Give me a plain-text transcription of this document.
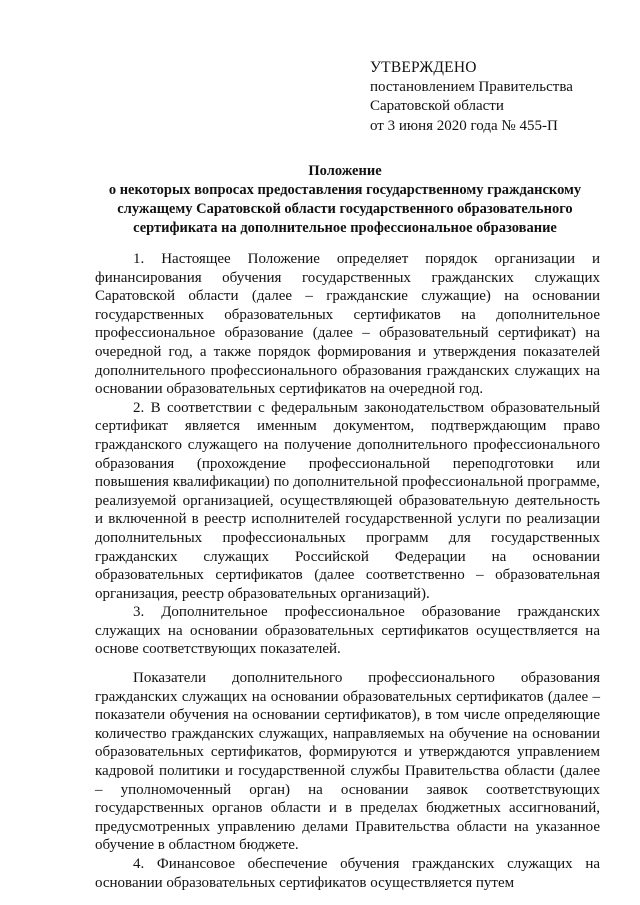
УТВЕРЖДЕНО
постановлением Правительства
Саратовской области
от 3 июня 2020 года № 455-П
Положение
о некоторых вопросах предоставления государственному гражданскому
служащему Саратовской области государственного образовательного
сертификата на дополнительное профессиональное образование

1. Настоящее Положение определяет порядок организации и финансирования обучения государственных гражданских служащих Саратовской области (далее – гражданские служащие) на основании государственных образовательных сертификатов на дополнительное профессиональное образование (далее – образовательный сертификат) на очередной год, а также порядок формирования и утверждения показателей дополнительного профессионального образования гражданских служащих на основании образовательных сертификатов на очередной год.

2. В соответствии с федеральным законодательством образовательный сертификат является именным документом, подтверждающим право гражданского служащего на получение дополнительного профессионального образования (прохождение профессиональной переподготовки или повышения квалификации) по дополнительной профессиональной программе, реализуемой организацией, осуществляющей образовательную деятельность и включенной в реестр исполнителей государственной услуги по реализации дополнительных профессиональных программ для государственных гражданских служащих Российской Федерации на основании образовательных сертификатов (далее соответственно – образовательная организация, реестр образовательных организаций).

3. Дополнительное профессиональное образование гражданских служащих на основании образовательных сертификатов осуществляется на основе соответствующих показателей.

Показатели дополнительного профессионального образования гражданских служащих на основании образовательных сертификатов (далее – показатели обучения на основании сертификатов), в том числе определяющие количество гражданских служащих, направляемых на обучение на основании образовательных сертификатов, формируются и утверждаются управлением кадровой политики и государственной службы Правительства области (далее – уполномоченный орган) на основании заявок соответствующих государственных органов области и в пределах бюджетных ассигнований, предусмотренных управлению делами Правительства области на указанное обучение в областном бюджете.

4. Финансовое обеспечение обучения гражданских служащих на основании образовательных сертификатов осуществляется путем
